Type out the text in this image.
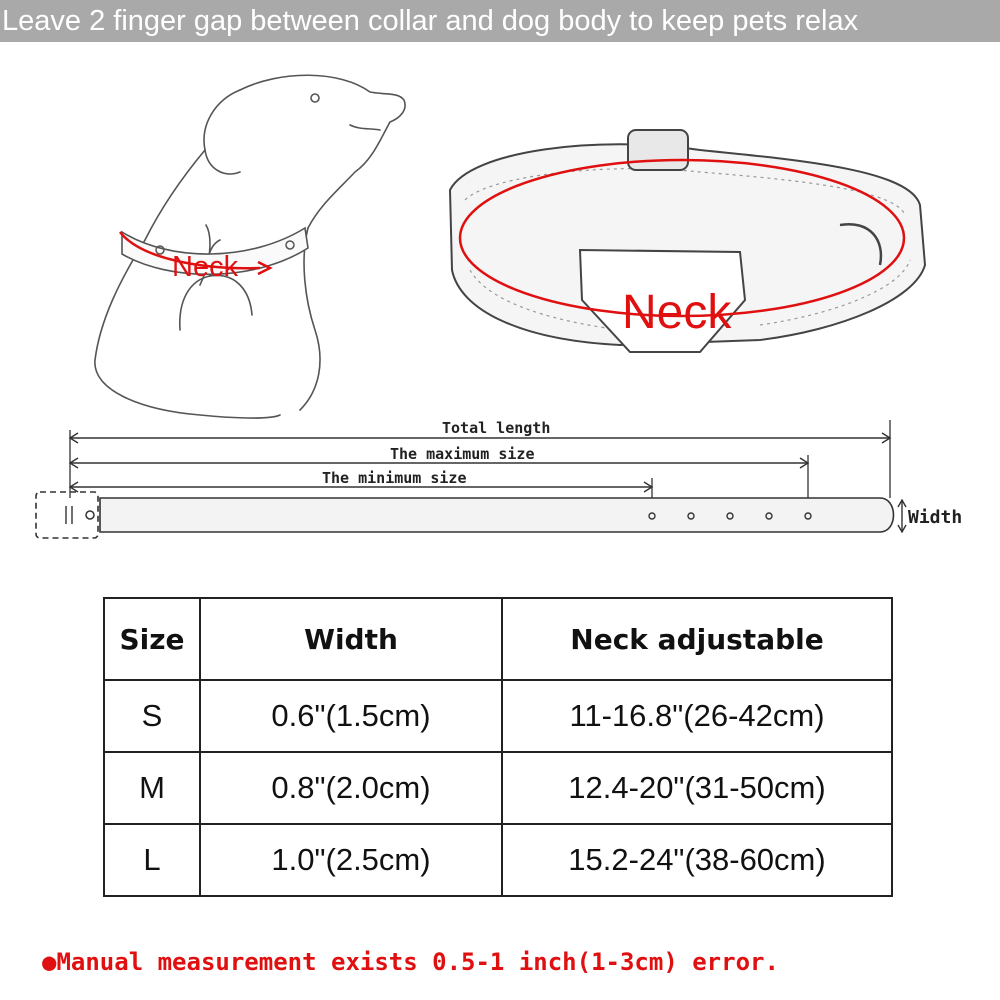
Leave 2 finger gap between collar and dog body to keep pets relax
Neck
Neck
Total length
The maximum size
The minimum size
Width
Size	Width	Neck adjustable
S	0.6"(1.5cm)	11-16.8"(26-42cm)
M	0.8"(2.0cm)	12.4-20"(31-50cm)
L	1.0"(2.5cm)	15.2-24"(38-60cm)
●Manual measurement exists 0.5-1 inch(1-3cm) error.
